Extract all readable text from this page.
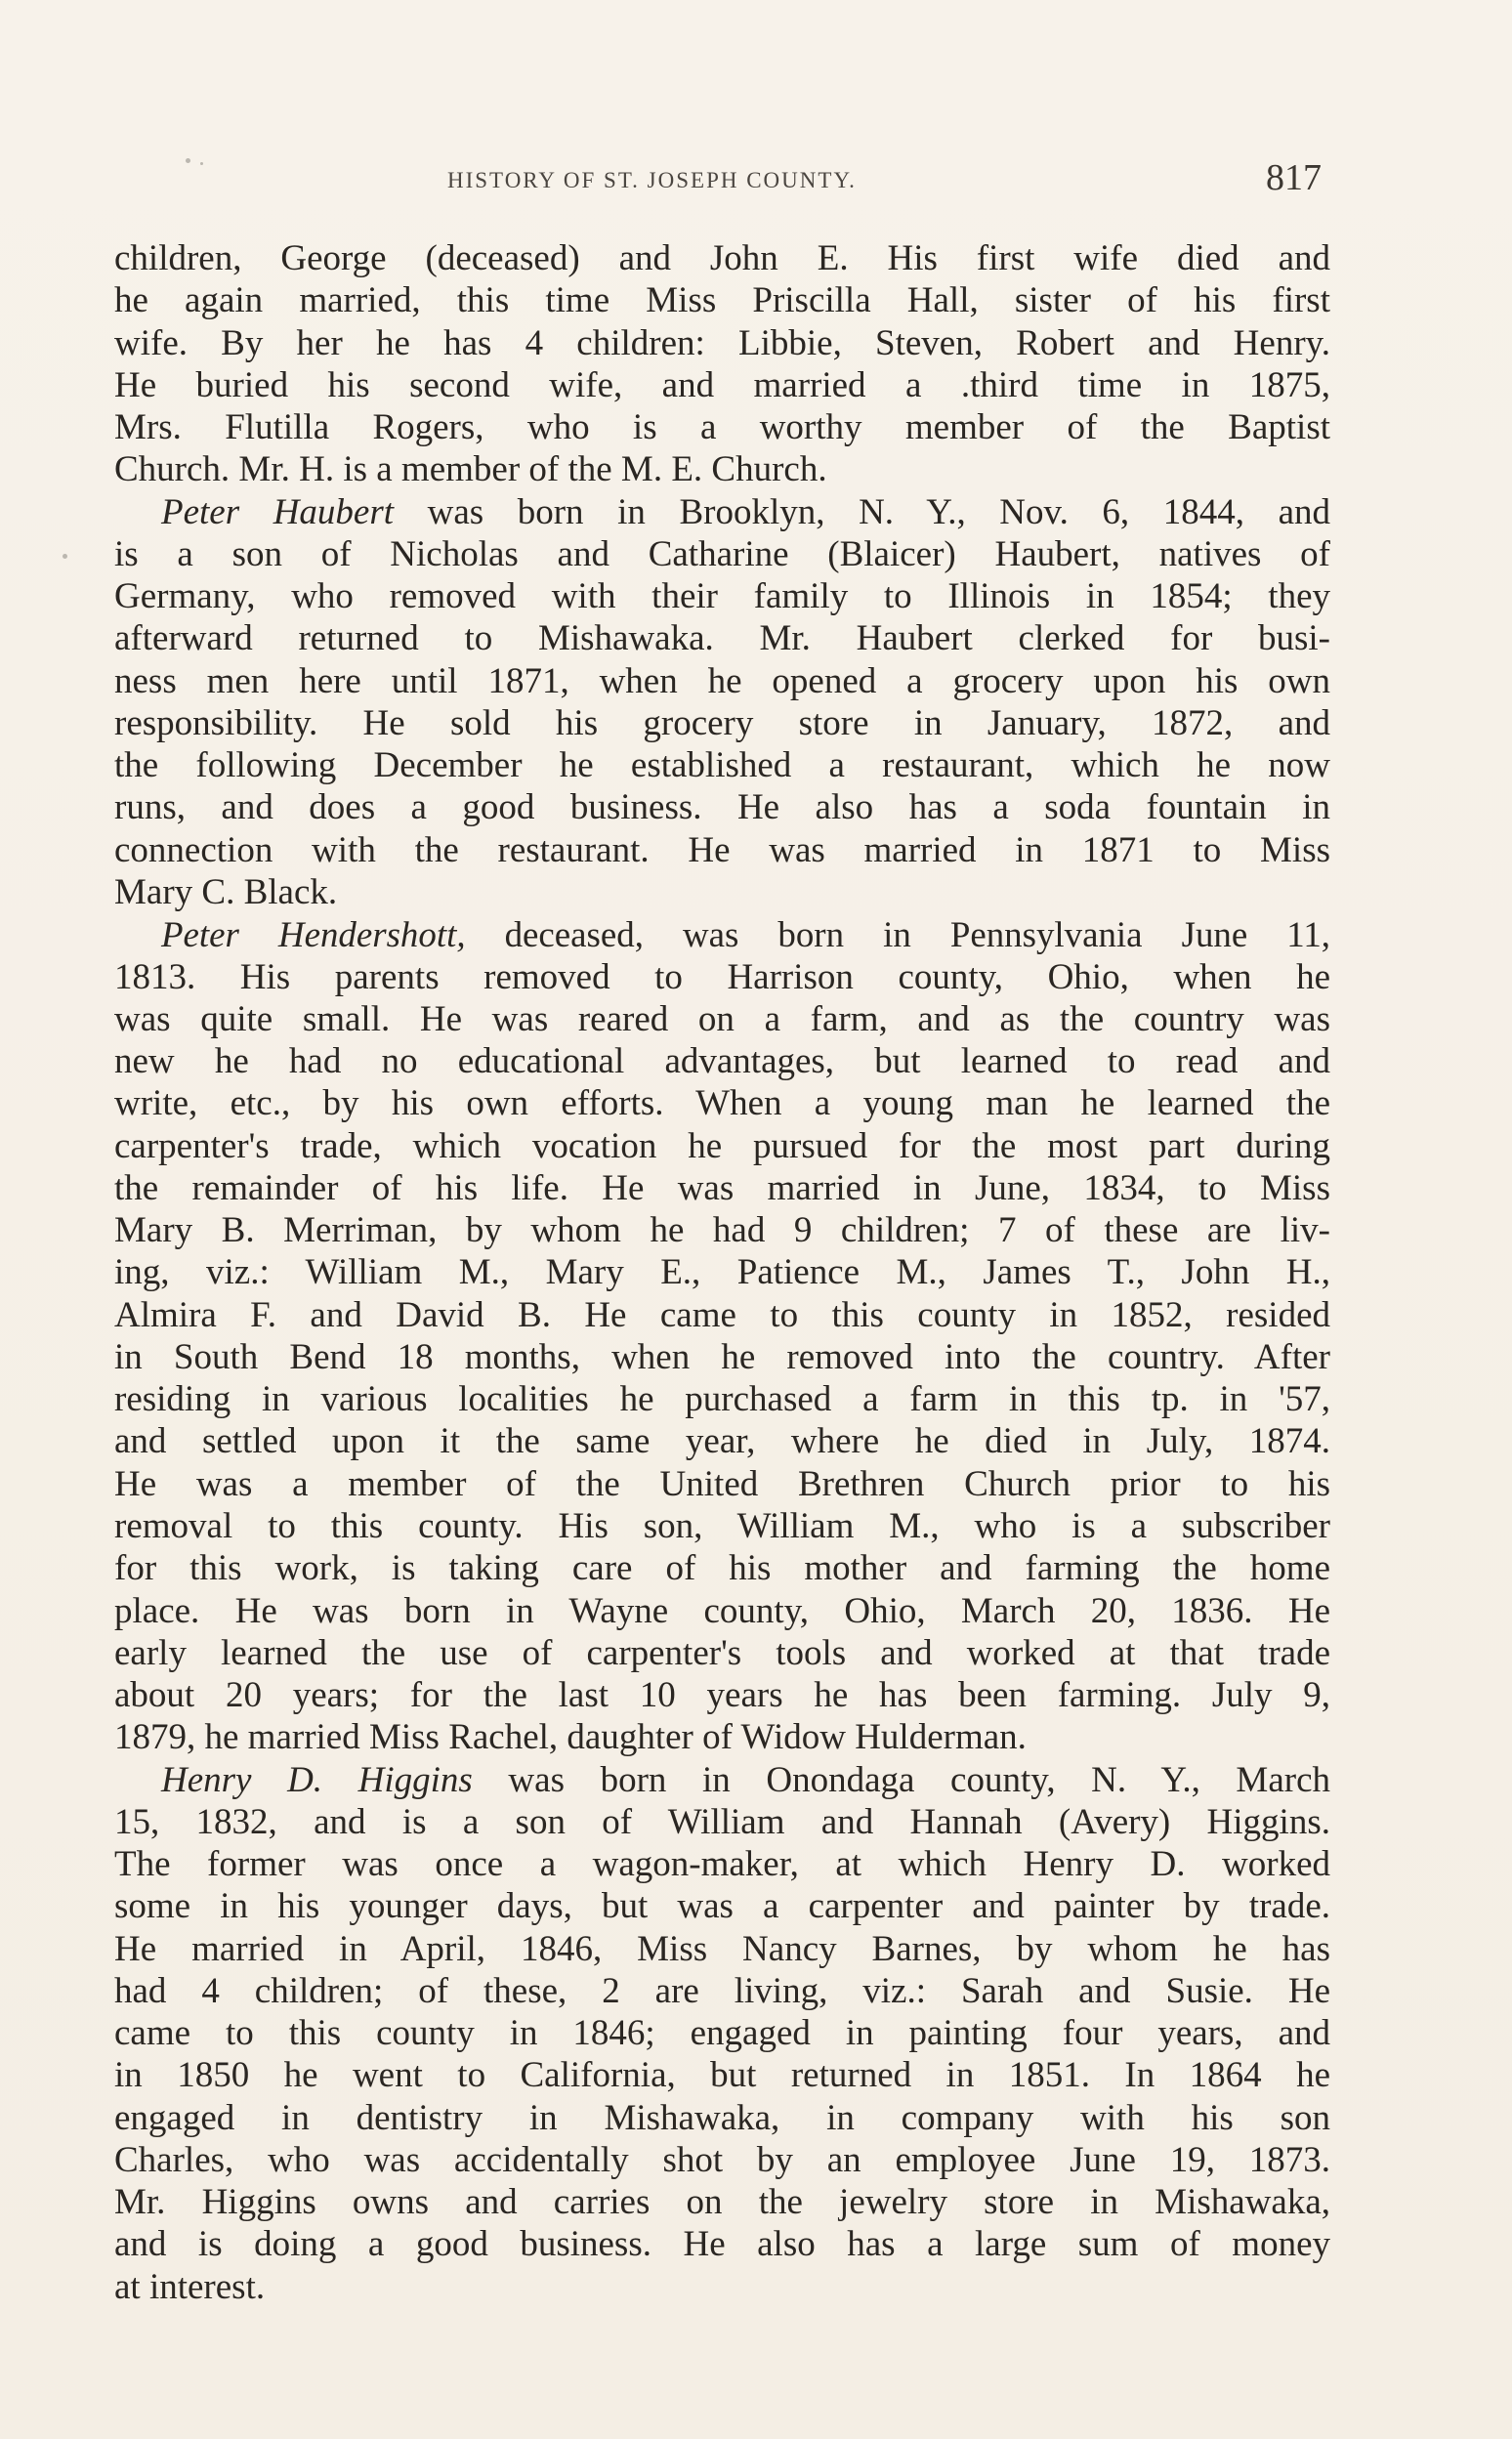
HISTORY OF ST. JOSEPH COUNTY.	817
children, George (deceased) and John E. His first wife died and
he again married, this time Miss Priscilla Hall, sister of his first
wife. By her he has 4 children: Libbie, Steven, Robert and Henry.
He buried his second wife, and married a .third time in 1875,
Mrs. Flutilla Rogers, who is a worthy member of the Baptist
Church. Mr. H. is a member of the M. E. Church.
Peter Haubert was born in Brooklyn, N. Y., Nov. 6, 1844, and
is a son of Nicholas and Catharine (Blaicer) Haubert, natives of
Germany, who removed with their family to Illinois in 1854; they
afterward returned to Mishawaka. Mr. Haubert clerked for busi-
ness men here until 1871, when he opened a grocery upon his own
responsibility. He sold his grocery store in January, 1872, and
the following December he established a restaurant, which he now
runs, and does a good business. He also has a soda fountain in
connection with the restaurant. He was married in 1871 to Miss
Mary C. Black.
Peter Hendershott, deceased, was born in Pennsylvania June 11,
1813. His parents removed to Harrison county, Ohio, when he
was quite small. He was reared on a farm, and as the country was
new he had no educational advantages, but learned to read and
write, etc., by his own efforts. When a young man he learned the
carpenter's trade, which vocation he pursued for the most part during
the remainder of his life. He was married in June, 1834, to Miss
Mary B. Merriman, by whom he had 9 children; 7 of these are liv-
ing, viz.: William M., Mary E., Patience M., James T., John H.,
Almira F. and David B. He came to this county in 1852, resided
in South Bend 18 months, when he removed into the country. After
residing in various localities he purchased a farm in this tp. in '57,
and settled upon it the same year, where he died in July, 1874.
He was a member of the United Brethren Church prior to his
removal to this county. His son, William M., who is a subscriber
for this work, is taking care of his mother and farming the home
place. He was born in Wayne county, Ohio, March 20, 1836. He
early learned the use of carpenter's tools and worked at that trade
about 20 years; for the last 10 years he has been farming. July 9,
1879, he married Miss Rachel, daughter of Widow Hulderman.
Henry D. Higgins was born in Onondaga county, N. Y., March
15, 1832, and is a son of William and Hannah (Avery) Higgins.
The former was once a wagon-maker, at which Henry D. worked
some in his younger days, but was a carpenter and painter by trade.
He married in April, 1846, Miss Nancy Barnes, by whom he has
had 4 children; of these, 2 are living, viz.: Sarah and Susie. He
came to this county in 1846; engaged in painting four years, and
in 1850 he went to California, but returned in 1851. In 1864 he
engaged in dentistry in Mishawaka, in company with his son
Charles, who was accidentally shot by an employee June 19, 1873.
Mr. Higgins owns and carries on the jewelry store in Mishawaka,
and is doing a good business. He also has a large sum of money
at interest.
